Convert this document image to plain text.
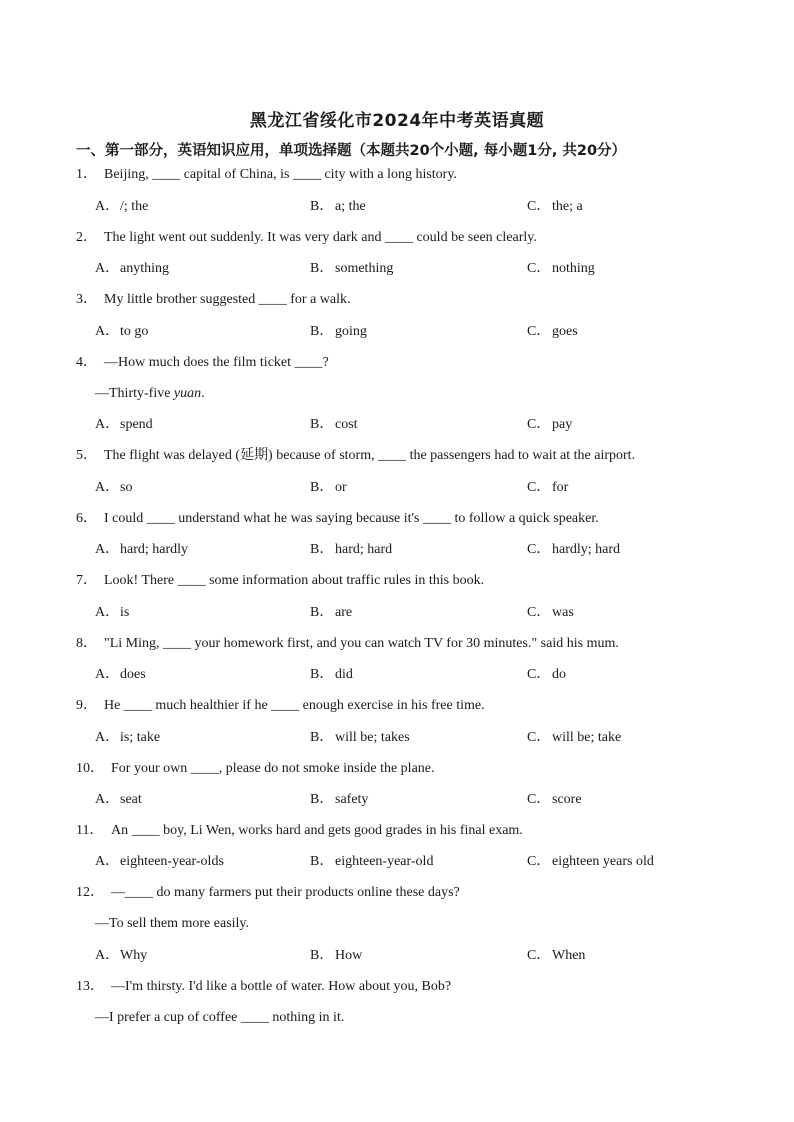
黑龙江省绥化市2024年中考英语真题
一、第一部分，英语知识应用，单项选择题（本题共20个小题, 每小题1分, 共20分）
1． Beijing, ____ capital of China, is ____ city with a long history.
A．/; the	B． a; the	C． the; a
2． The light went out suddenly. It was very dark and ____ could be seen clearly.
A．anything	B． something	C． nothing
3． My little brother suggested ____ for a walk.
A．to go	B． going	C． goes
4． —How much does the film ticket ____?
—Thirty-five yuan.
A．spend	B． cost	C． pay
5． The flight was delayed (延期) because of storm, ____ the passengers had to wait at the airport.
A．so	B． or	C． for
6． I could ____ understand what he was saying because it's ____ to follow a quick speaker.
A．hard; hardly	B． hard; hard	C． hardly; hard
7． Look! There ____ some information about traffic rules in this book.
A．is	B． are	C． was
8． "Li Ming, ____ your homework first, and you can watch TV for 30 minutes." said his mum.
A．does	B． did	C． do
9． He ____ much healthier if he ____ enough exercise in his free time.
A．is; take	B． will be; takes	C． will be; take
10． For your own ____, please do not smoke inside the plane.
A．seat	B． safety	C． score
11． An ____ boy, Li Wen, works hard and gets good grades in his final exam.
A．eighteen-year-olds	B． eighteen-year-old	C． eighteen years old
12． —____ do many farmers put their products online these days?
—To sell them more easily.
A．Why	B． How	C． When
13． —I'm thirsty. I'd like a bottle of water. How about you, Bob?
—I prefer a cup of coffee ____ nothing in it.
